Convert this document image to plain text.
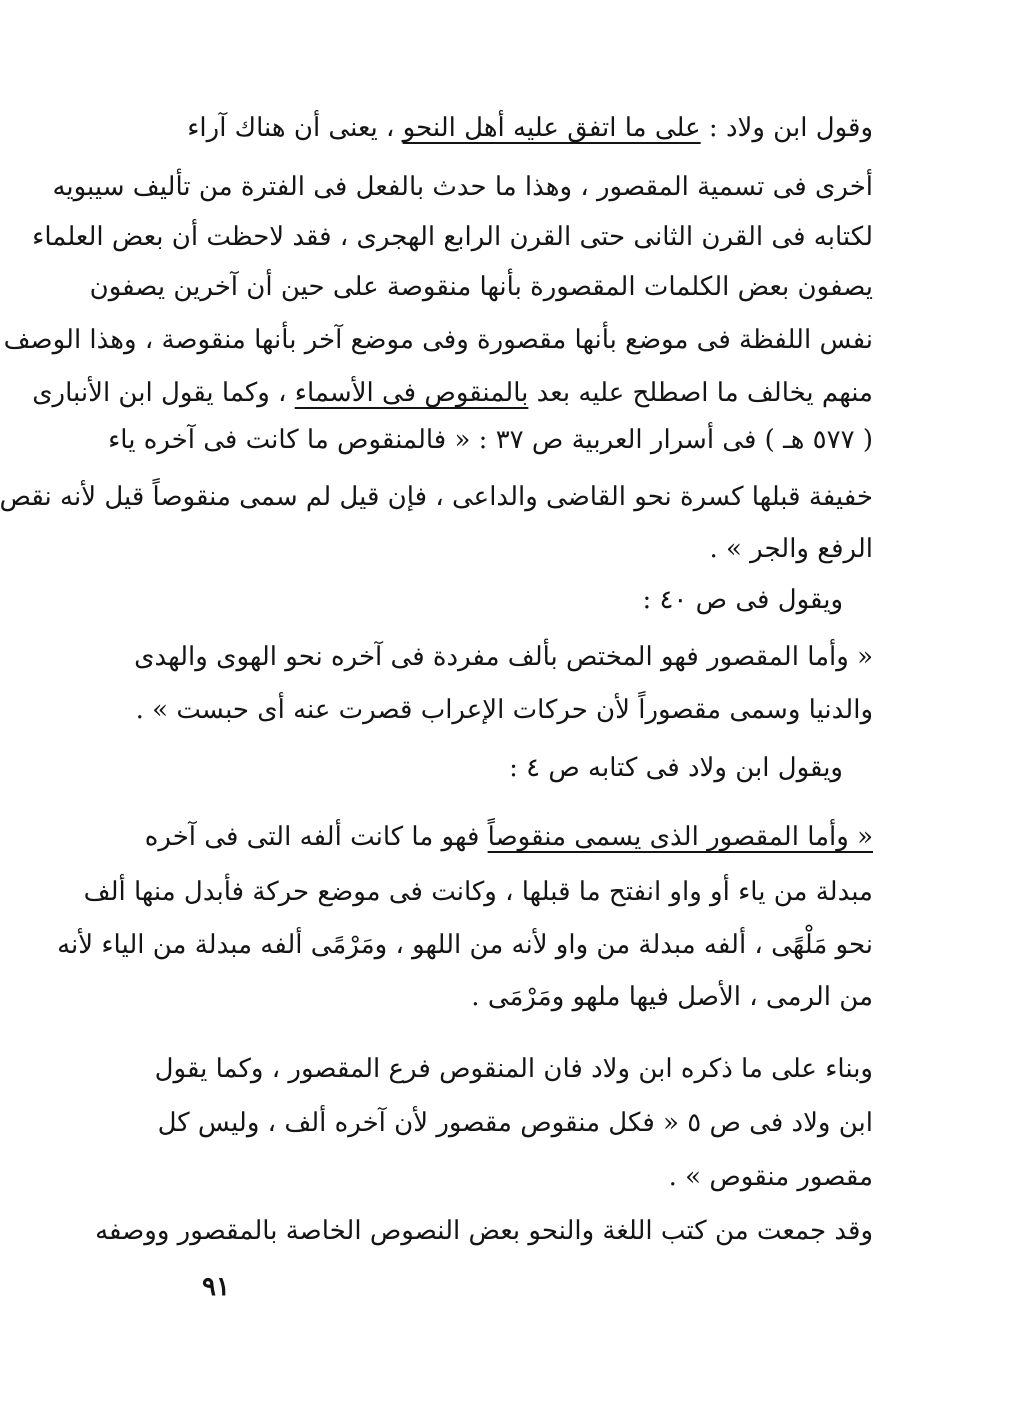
وقول ابن ولاد : على ما اتفق عليه أهل النحو ، يعنى أن هناك آراء
أخرى فى تسمية المقصور ، وهذا ما حدث بالفعل فى الفترة من تأليف سيبويه
لكتابه فى القرن الثانى حتى القرن الرابع الهجرى ، فقد لاحظت أن بعض العلماء
يصفون بعض الكلمات المقصورة بأنها منقوصة على حين أن آخرين يصفون
نفس اللفظة فى موضع بأنها مقصورة وفى موضع آخر بأنها منقوصة ، وهذا الوصف
منهم يخالف ما اصطلح عليه بعد بالمنقوص فى الأسماء ، وكما يقول ابن الأنبارى
( ٥٧٧ هـ ) فى أسرار العربية ص ٣٧ : « فالمنقوص ما كانت فى آخره ياء
خفيفة قبلها كسرة نحو القاضى والداعى ، فإن قيل لم سمى منقوصاً قيل لأنه نقص
الرفع والجر » .
ويقول فى ص ٤٠ :
« وأما المقصور فهو المختص بألف مفردة فى آخره نحو الهوى والهدى
والدنيا وسمى مقصوراً لأن حركات الإعراب قصرت عنه أى حبست » .
ويقول ابن ولاد فى كتابه ص ٤ :
« وأما المقصور الذى يسمى منقوصاً فهو ما كانت ألفه التى فى آخره
مبدلة من ياء أو واو انفتح ما قبلها ، وكانت فى موضع حركة فأبدل منها ألف
نحو مَلْهًى ، ألفه مبدلة من واو لأنه من اللهو ، ومَرْمًى ألفه مبدلة من الياء لأنه
من الرمى ، الأصل فيها ملهو ومَرْمَى .
وبناء على ما ذكره ابن ولاد فان المنقوص فرع المقصور ، وكما يقول
ابن ولاد فى ص ٥ « فكل منقوص مقصور لأن آخره ألف ، وليس كل
مقصور منقوص » .
وقد جمعت من كتب اللغة والنحو بعض النصوص الخاصة بالمقصور ووصفه
٩١
